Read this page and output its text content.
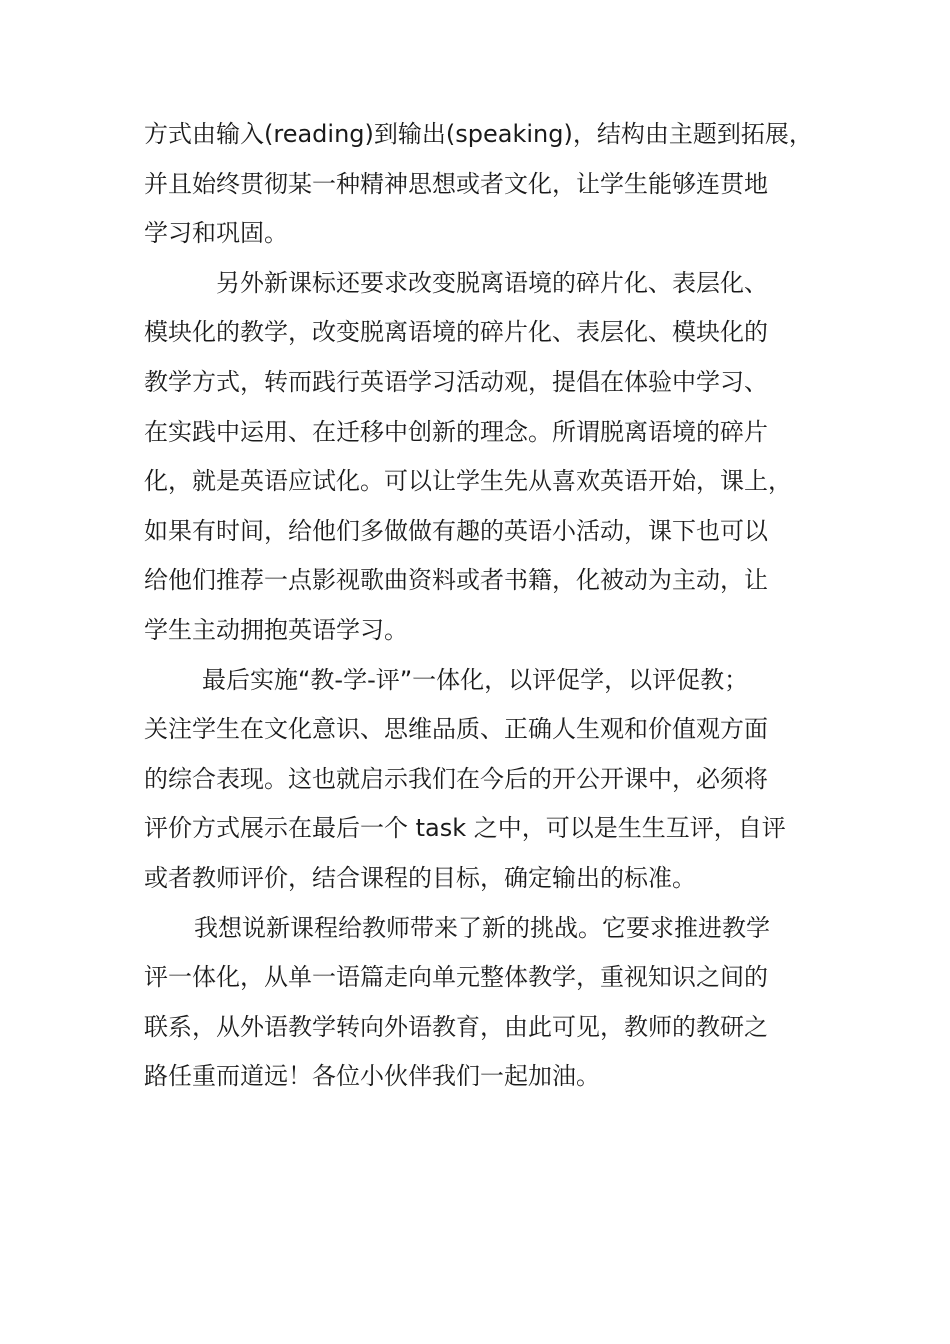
方式由输入(reading)到输出(speaking)，结构由主题到拓展，
并且始终贯彻某一种精神思想或者文化，让学生能够连贯地
学习和巩固。
另外新课标还要求改变脱离语境的碎片化、表层化、
模块化的教学，改变脱离语境的碎片化、表层化、模块化的
教学方式，转而践行英语学习活动观，提倡在体验中学习、
在实践中运用、在迁移中创新的理念。所谓脱离语境的碎片
化，就是英语应试化。可以让学生先从喜欢英语开始，课上，
如果有时间，给他们多做做有趣的英语小活动，课下也可以
给他们推荐一点影视歌曲资料或者书籍，化被动为主动，让
学生主动拥抱英语学习。
最后实施“教-学-评”一体化，以评促学，以评促教；
关注学生在文化意识、思维品质、正确人生观和价值观方面
的综合表现。这也就启示我们在今后的开公开课中，必须将
评价方式展示在最后一个 task 之中，可以是生生互评，自评
或者教师评价，结合课程的目标，确定输出的标准。
我想说新课程给教师带来了新的挑战。它要求推进教学
评一体化，从单一语篇走向单元整体教学，重视知识之间的
联系，从外语教学转向外语教育，由此可见，教师的教研之
路任重而道远！各位小伙伴我们一起加油。
